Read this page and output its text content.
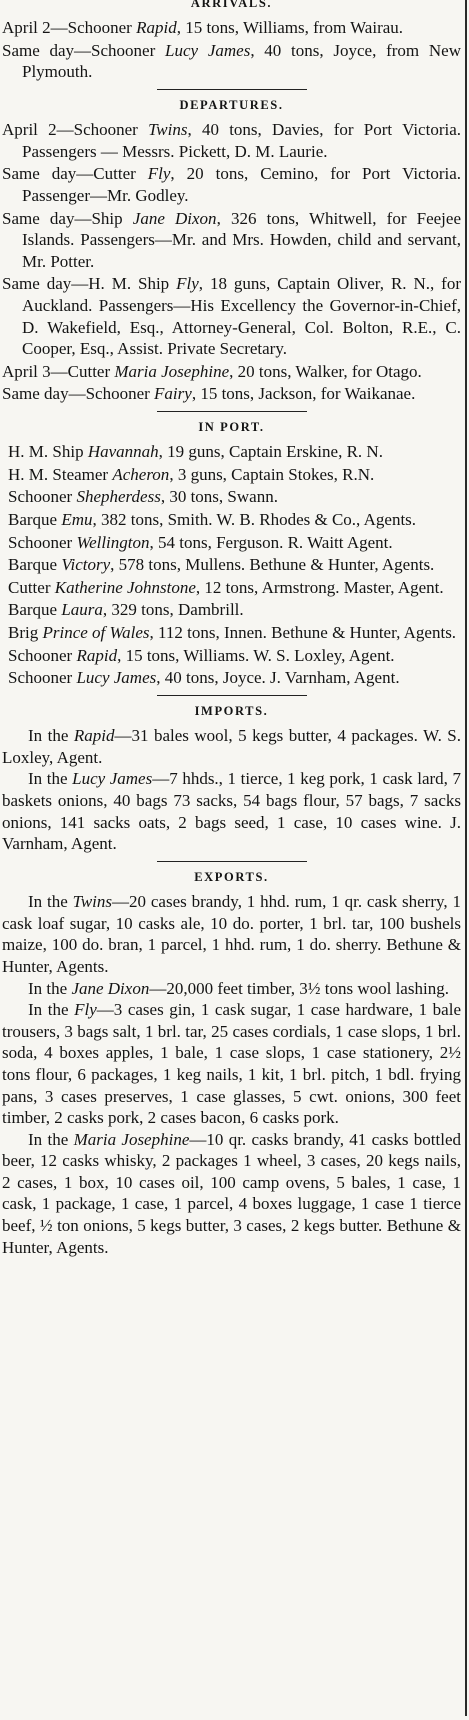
ARRIVALS.

April 2—Schooner Rapid, 15 tons, Williams, from Wairau.

Same day—Schooner Lucy James, 40 tons, Joyce, from New Plymouth.

DEPARTURES.

April 2—Schooner Twins, 40 tons, Davies, for Port Victoria. Passengers — Messrs. Pickett, D. M. Laurie.

Same day—Cutter Fly, 20 tons, Cemino, for Port Victoria. Passenger—Mr. Godley.

Same day—Ship Jane Dixon, 326 tons, Whitwell, for Feejee Islands. Passengers—Mr. and Mrs. Howden, child and servant, Mr. Potter.

Same day—H. M. Ship Fly, 18 guns, Captain Oliver, R. N., for Auckland. Passengers—His Excellency the Governor-in-Chief, D. Wakefield, Esq., Attorney-General, Col. Bolton, R.E., C. Cooper, Esq., Assist. Private Secretary.

April 3—Cutter Maria Josephine, 20 tons, Walker, for Otago.

Same day—Schooner Fairy, 15 tons, Jackson, for Waikanae.

IN PORT.

H. M. Ship Havannah, 19 guns, Captain Erskine, R. N.

H. M. Steamer Acheron, 3 guns, Captain Stokes, R.N.

Schooner Shepherdess, 30 tons, Swann.

Barque Emu, 382 tons, Smith. W. B. Rhodes & Co., Agents.

Schooner Wellington, 54 tons, Ferguson. R. Waitt Agent.

Barque Victory, 578 tons, Mullens. Bethune & Hunter, Agents.

Cutter Katherine Johnstone, 12 tons, Armstrong. Master, Agent.

Barque Laura, 329 tons, Dambrill.

Brig Prince of Wales, 112 tons, Innen. Bethune & Hunter, Agents.

Schooner Rapid, 15 tons, Williams. W. S. Loxley, Agent.

Schooner Lucy James, 40 tons, Joyce. J. Varnham, Agent.

IMPORTS.

In the Rapid—31 bales wool, 5 kegs butter, 4 packages. W. S. Loxley, Agent.

In the Lucy James—7 hhds., 1 tierce, 1 keg pork, 1 cask lard, 7 baskets onions, 40 bags 73 sacks, 54 bags flour, 57 bags, 7 sacks onions, 141 sacks oats, 2 bags seed, 1 case, 10 cases wine. J. Varnham, Agent.

EXPORTS.

In the Twins—20 cases brandy, 1 hhd. rum, 1 qr. cask sherry, 1 cask loaf sugar, 10 casks ale, 10 do. porter, 1 brl. tar, 100 bushels maize, 100 do. bran, 1 parcel, 1 hhd. rum, 1 do. sherry. Bethune & Hunter, Agents.

In the Jane Dixon—20,000 feet timber, 3½ tons wool lashing.

In the Fly—3 cases gin, 1 cask sugar, 1 case hardware, 1 bale trousers, 3 bags salt, 1 brl. tar, 25 cases cordials, 1 case slops, 1 brl. soda, 4 boxes apples, 1 bale, 1 case slops, 1 case stationery, 2½ tons flour, 6 packages, 1 keg nails, 1 kit, 1 brl. pitch, 1 bdl. frying pans, 3 cases preserves, 1 case glasses, 5 cwt. onions, 300 feet timber, 2 casks pork, 2 cases bacon, 6 casks pork.

In the Maria Josephine—10 qr. casks brandy, 41 casks bottled beer, 12 casks whisky, 2 packages 1 wheel, 3 cases, 20 kegs nails, 2 cases, 1 box, 10 cases oil, 100 camp ovens, 5 bales, 1 case, 1 cask, 1 package, 1 case, 1 parcel, 4 boxes luggage, 1 case 1 tierce beef, ½ ton onions, 5 kegs butter, 3 cases, 2 kegs butter. Bethune & Hunter, Agents.
